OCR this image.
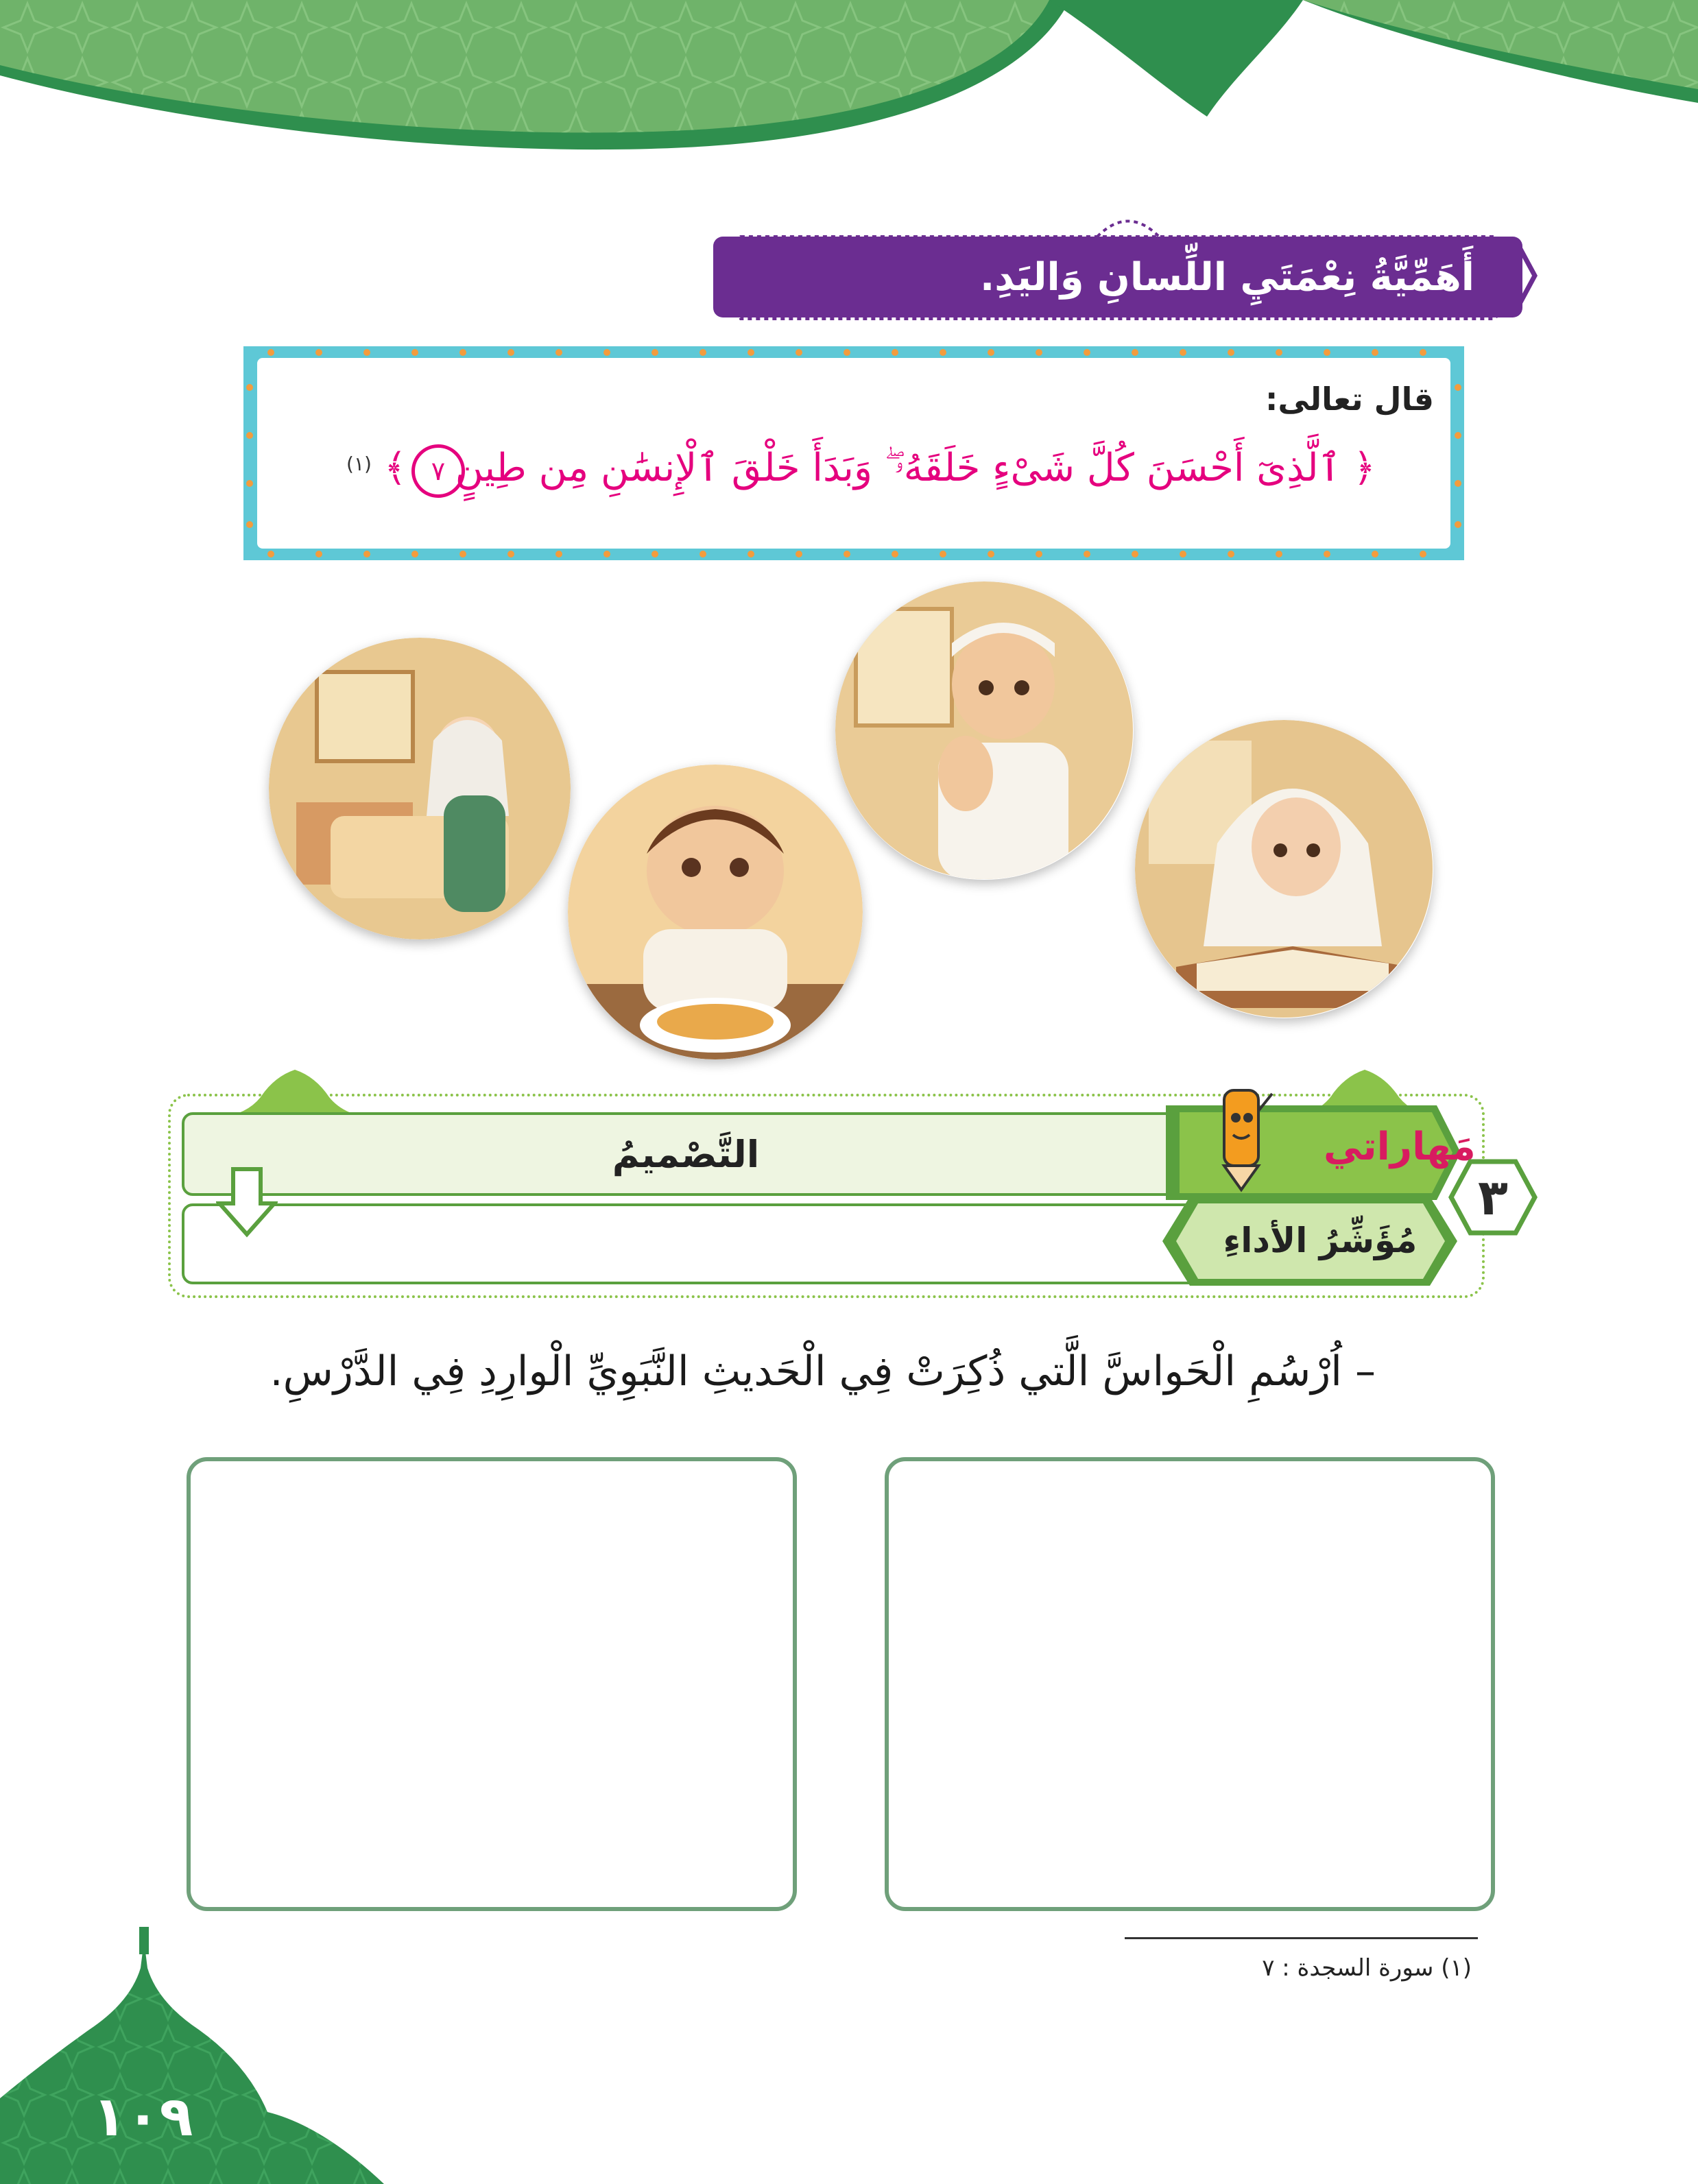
أَهَمِّيَّةُ نِعْمَتَيِ اللِّسانِ وَاليَدِ.
قال تعالى:
﴿ ٱلَّذِىٓ أَحْسَنَ كُلَّ شَىْءٍ خَلَقَهُۥ ۖ وَبَدَأَ خَلْقَ ٱلْإِنسَٰنِ مِن طِينٍ
٧
﴾
(١)
التَّصْميمُ	مَهاراتي
مُؤَشِّرُ الأداءِ
٣
– اُرْسُمِ الْحَواسَّ الَّتي ذُكِرَتْ فِي الْحَديثِ النَّبَوِيِّ الْوارِدِ فِي الدَّرْسِ.
(١) سورة السجدة : ٧
١٠٩
